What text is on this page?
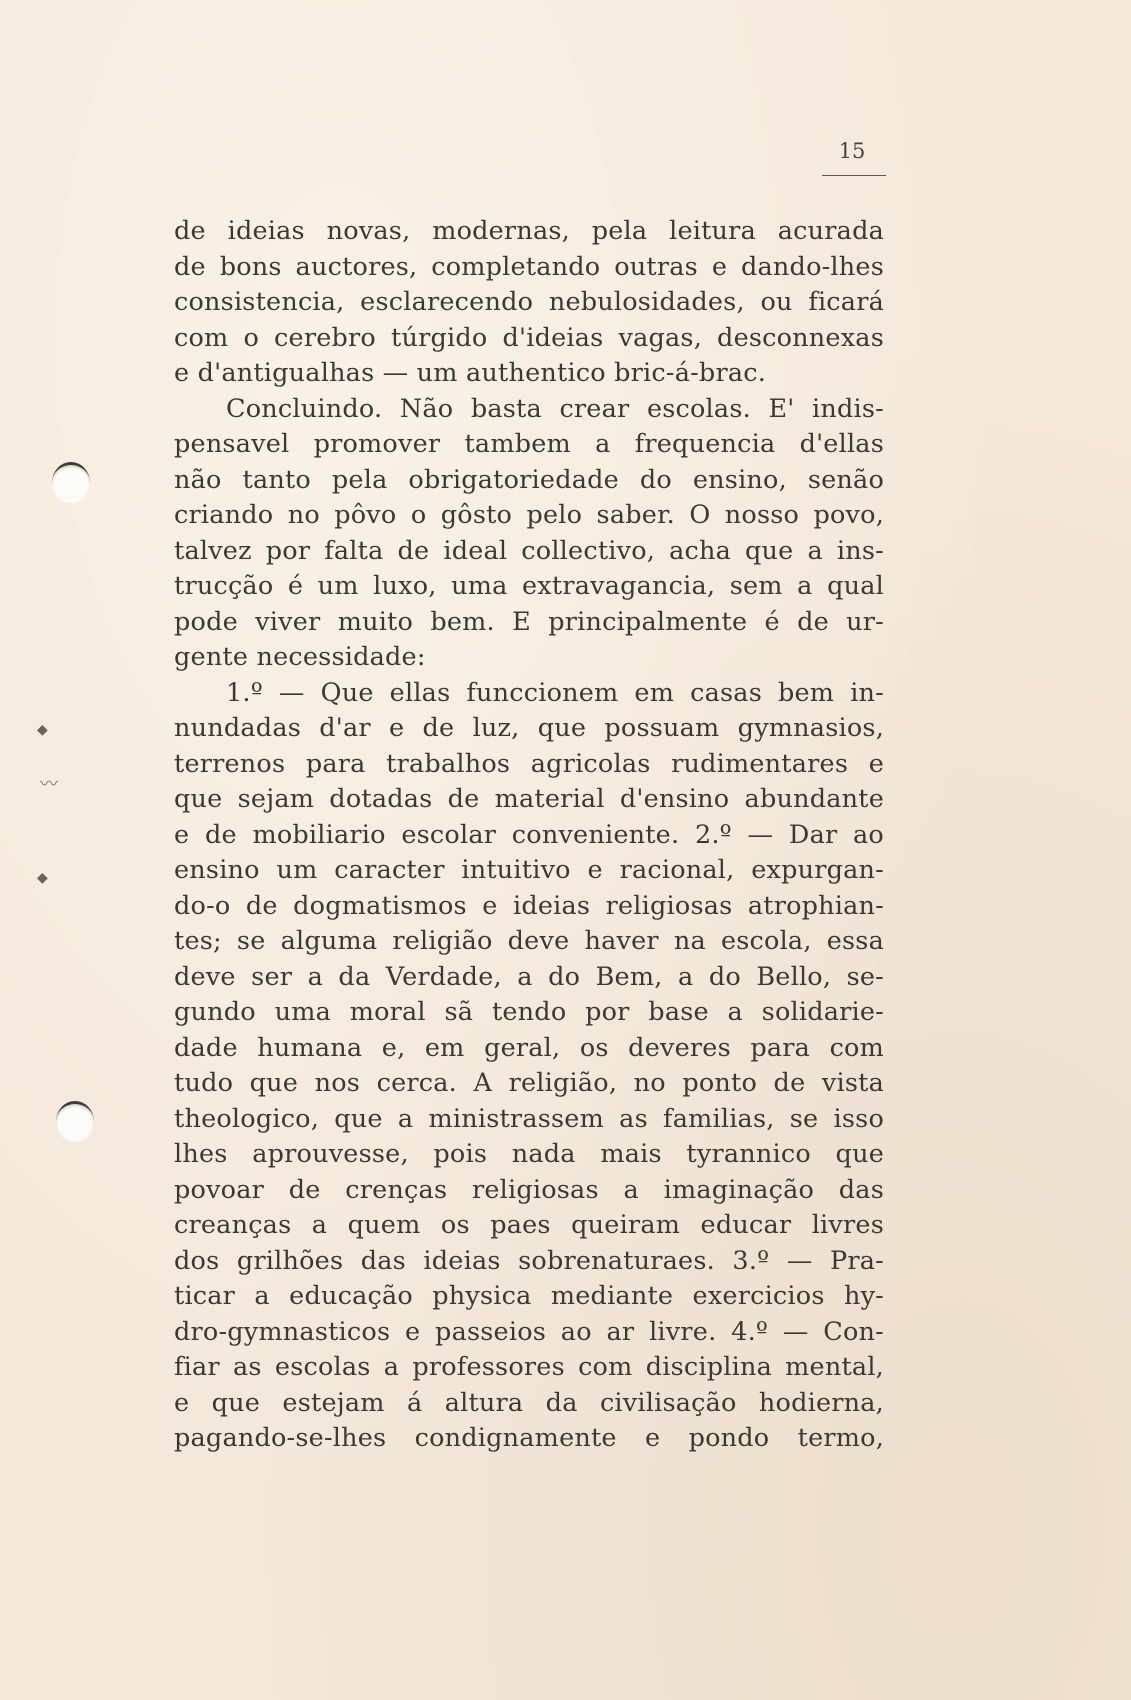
◆
◆
〰
15
de ideias novas, modernas, pela leitura acurada
de bons auctores, completando outras e dando-lhes
consistencia, esclarecendo nebulosidades, ou ficará
com o cerebro túrgido d'ideias vagas, desconnexas
e d'antigualhas — um authentico bric-á-brac.
Concluindo. Não basta crear escolas. E' indis-
pensavel promover tambem a frequencia d'ellas
não tanto pela obrigatoriedade do ensino, senão
criando no pôvo o gôsto pelo saber. O nosso povo,
talvez por falta de ideal collectivo, acha que a ins-
trucção é um luxo, uma extravagancia, sem a qual
pode viver muito bem. E principalmente é de ur-
gente necessidade:
1.º — Que ellas funccionem em casas bem in-
nundadas d'ar e de luz, que possuam gymnasios,
terrenos para trabalhos agricolas rudimentares e
que sejam dotadas de material d'ensino abundante
e de mobiliario escolar conveniente. 2.º — Dar ao
ensino um caracter intuitivo e racional, expurgan-
do-o de dogmatismos e ideias religiosas atrophian-
tes; se alguma religião deve haver na escola, essa
deve ser a da Verdade, a do Bem, a do Bello, se-
gundo uma moral sã tendo por base a solidarie-
dade humana e, em geral, os deveres para com
tudo que nos cerca. A religião, no ponto de vista
theologico, que a ministrassem as familias, se isso
lhes aprouvesse, pois nada mais tyrannico que
povoar de crenças religiosas a imaginação das
creanças a quem os paes queiram educar livres
dos grilhões das ideias sobrenaturaes. 3.º — Pra-
ticar a educação physica mediante exercicios hy-
dro-gymnasticos e passeios ao ar livre. 4.º — Con-
fiar as escolas a professores com disciplina mental,
e que estejam á altura da civilisação hodierna,
pagando-se-lhes condignamente e pondo termo,
